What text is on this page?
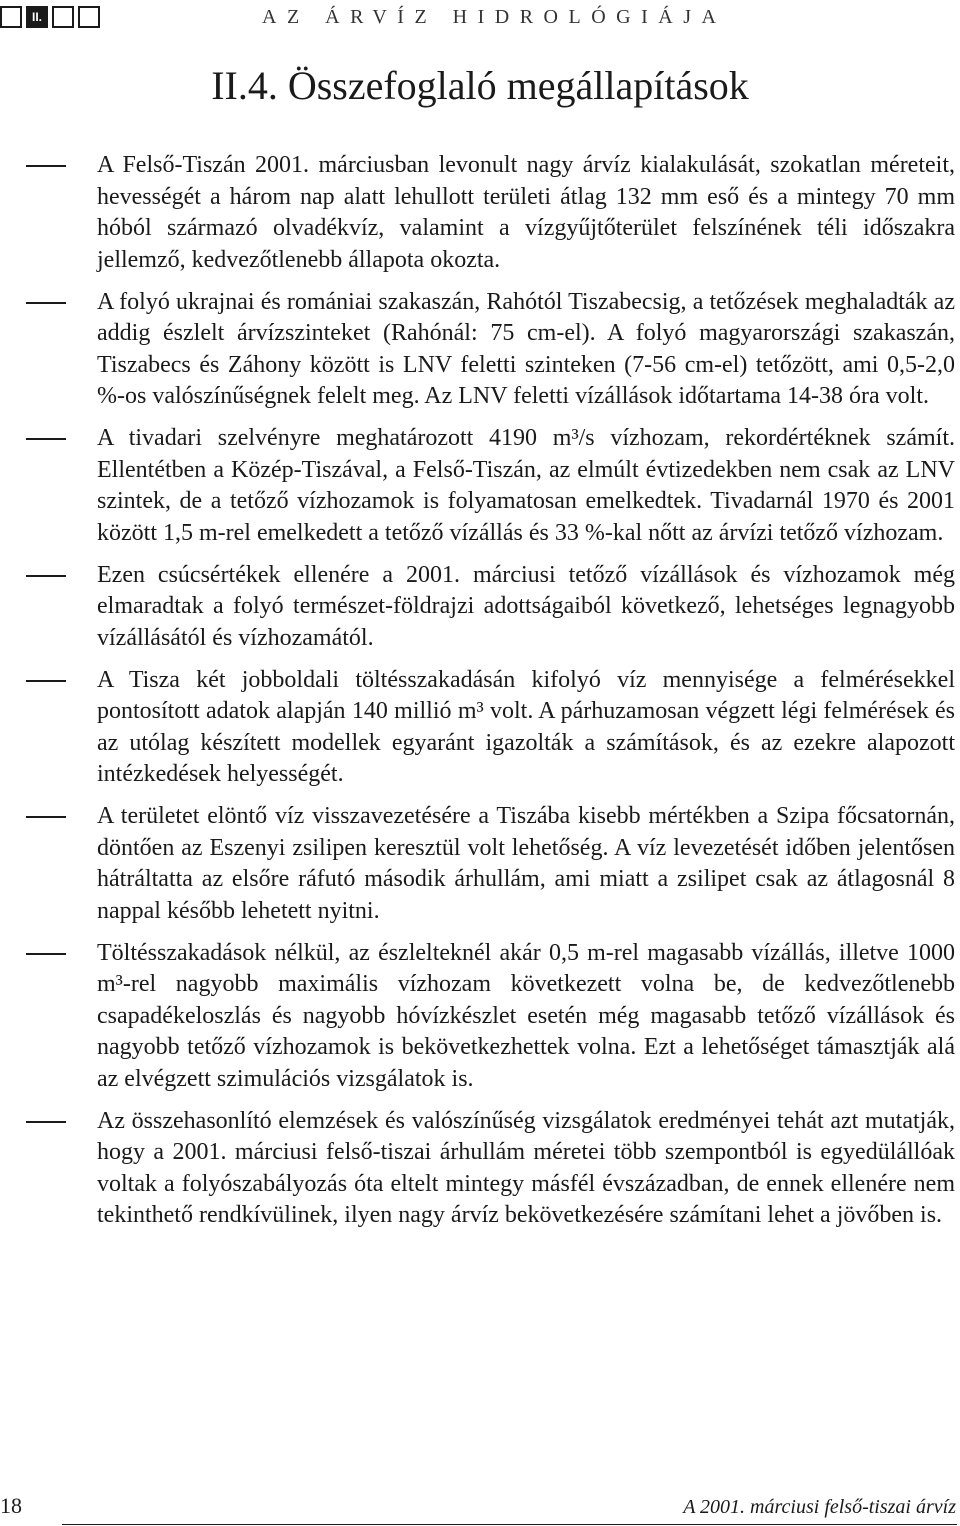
II.	AZ ÁRVÍZ HIDROLÓGIÁJA
II.4. Összefoglaló megállapítások
A Felső-Tiszán 2001. márciusban levonult nagy árvíz kialakulását, szokatlan méreteit, hevességét a három nap alatt lehullott területi átlag 132 mm eső és a mintegy 70 mm hóból származó olvadékvíz, valamint a vízgyűjtőterület felszínének téli időszakra jellemző, kedvezőtlenebb állapota okozta.
A folyó ukrajnai és romániai szakaszán, Rahótól Tiszabecsig, a tetőzések meghaladták az addig észlelt árvízszinteket (Rahónál: 75 cm-el). A folyó magyarországi szakaszán, Tiszabecs és Záhony között is LNV feletti szinteken (7-56 cm-el) tetőzött, ami 0,5-2,0 %-os valószínűségnek felelt meg. Az LNV feletti vízállások időtartama 14-38 óra volt.
A tivadari szelvényre meghatározott 4190 m³/s vízhozam, rekordértéknek számít. Ellentétben a Közép-Tiszával, a Felső-Tiszán, az elmúlt évtizedekben nem csak az LNV szintek, de a tetőző vízhozamok is folyamatosan emelkedtek. Tivadarnál 1970 és 2001 között 1,5 m-rel emelkedett a tetőző vízállás és 33 %-kal nőtt az árvízi tetőző vízhozam.
Ezen csúcsértékek ellenére a 2001. márciusi tetőző vízállások és vízhozamok még elmaradtak a folyó természet-földrajzi adottságaiból következő, lehetséges legnagyobb vízállásától és vízhozamától.
A Tisza két jobboldali töltésszakadásán kifolyó víz mennyisége a felmérésekkel pontosított adatok alapján 140 millió m³ volt. A párhuzamosan végzett légi felmérések és az utólag készített modellek egyaránt igazolták a számítások, és az ezekre alapozott intézkedések helyességét.
A területet elöntő víz visszavezetésére a Tiszába kisebb mértékben a Szipa főcsatornán, döntően az Eszenyi zsilipen keresztül volt lehetőség. A víz levezetését időben jelentősen hátráltatta az elsőre ráfutó második árhullám, ami miatt a zsilipet csak az átlagosnál 8 nappal később lehetett nyitni.
Töltésszakadások nélkül, az észlelteknél akár 0,5 m-rel magasabb vízállás, illetve 1000 m³-rel nagyobb maximális vízhozam következett volna be, de kedvezőtlenebb csapadékeloszlás és nagyobb hóvízkészlet esetén még magasabb tetőző vízállások és nagyobb tetőző vízhozamok is bekövetkezhettek volna. Ezt a lehetőséget támasztják alá az elvégzett szimulációs vizsgálatok is.
Az összehasonlító elemzések és valószínűség vizsgálatok eredményei tehát azt mutatják, hogy a 2001. márciusi felső-tiszai árhullám méretei több szempontból is egyedülállóak voltak a folyószabályozás óta eltelt mintegy másfél évszázadban, de ennek ellenére nem tekinthető rendkívülinek, ilyen nagy árvíz bekövetkezésére számítani lehet a jövőben is.
18	A 2001. márciusi felső-tiszai árvíz
